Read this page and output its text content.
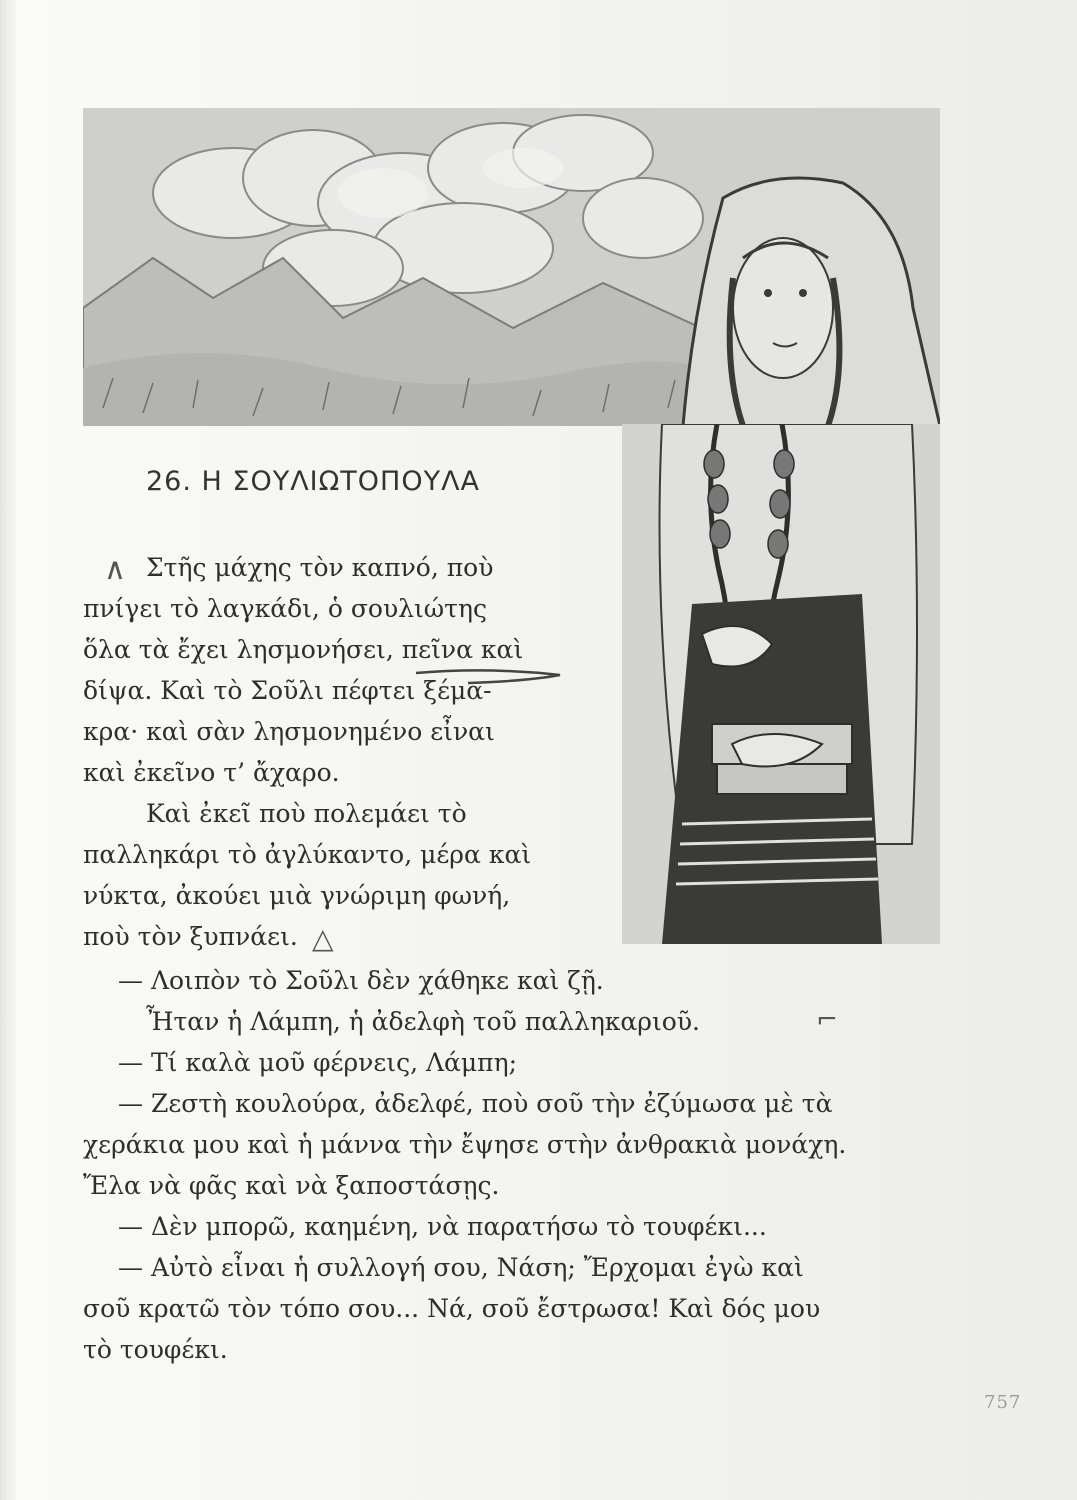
26. Η ΣΟΥΛΙΩΤΟΠΟΥΛΑ
∧ Στῆς μάχης τὸν καπνό, ποὺ
πνίγει τὸ λαγκάδι, ὁ σουλιώτης
ὅλα τὰ ἔχει λησμονήσει, πεῖνα καὶ
δίψα. Καὶ τὸ Σοῦλι πέφτει ξέμα-
κρα· καὶ σὰν λησμονημένο εἶναι
καὶ ἐκεῖνο τ’ ἄχαρο.
Καὶ ἐκεῖ ποὺ πολεμάει τὸ
παλληκάρι τὸ ἀγλύκαντο, μέρα καὶ
νύκτα, ἀκούει μιὰ γνώριμη φωνή,
ποὺ τὸν ξυπνάει. △
— Λοιπὸν τὸ Σοῦλι δὲν χάθηκε καὶ ζῇ.
Ἦταν ἡ Λάμπη, ἡ ἀδελφὴ τοῦ παλληκαριοῦ.	⌐
— Τί καλὰ μοῦ φέρνεις, Λάμπη;
— Ζεστὴ κουλούρα, ἀδελφέ, ποὺ σοῦ τὴν ἐζύμωσα μὲ τὰ
χεράκια μου καὶ ἡ μάννα τὴν ἔψησε στὴν ἀνθρακιὰ μονάχη.
Ἔλα νὰ φᾶς καὶ νὰ ξαποστάσῃς.
— Δὲν μπορῶ, καημένη, νὰ παρατήσω τὸ τουφέκι...
— Αὐτὸ εἶναι ἡ συλλογή σου, Νάση; Ἔρχομαι ἐγὼ καὶ
σοῦ κρατῶ τὸν τόπο σου... Νά, σοῦ ἔστρωσα! Καὶ δός μου
τὸ τουφέκι.
757
